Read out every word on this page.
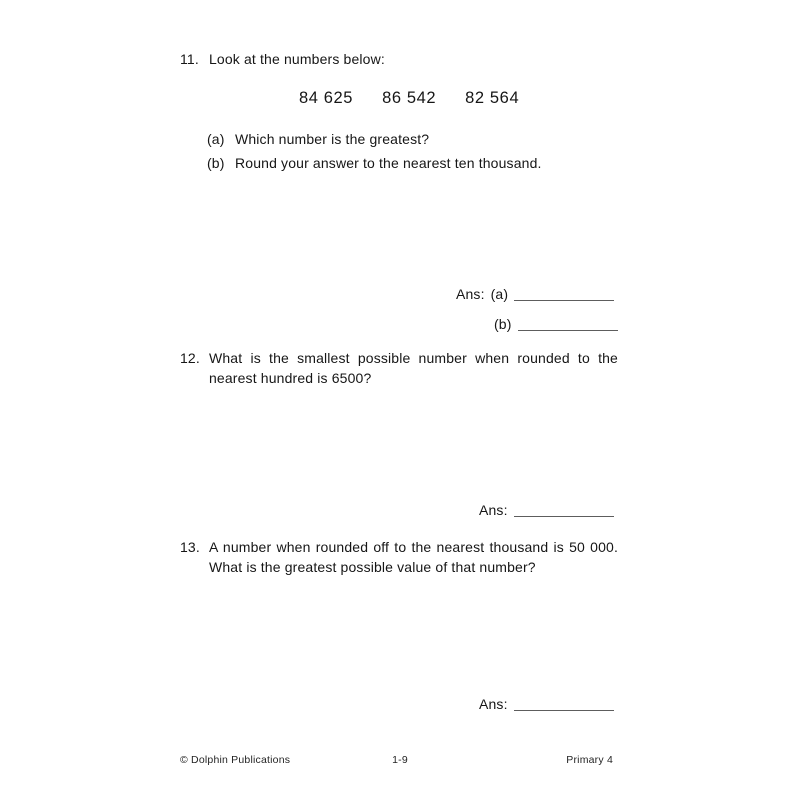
11. Look at the numbers below:

84 625 86 542 82 564
(a) Which number is the greatest?

(b) Round your answer to the nearest ten thousand.

Ans: (a)
(b)
12. What is the smallest possible number when rounded to the nearest hundred is 6500?

Ans:
13. A number when rounded off to the nearest thousand is 50 000. What is the greatest possible value of that number?

Ans:
© Dolphin Publications	1-9	Primary 4
